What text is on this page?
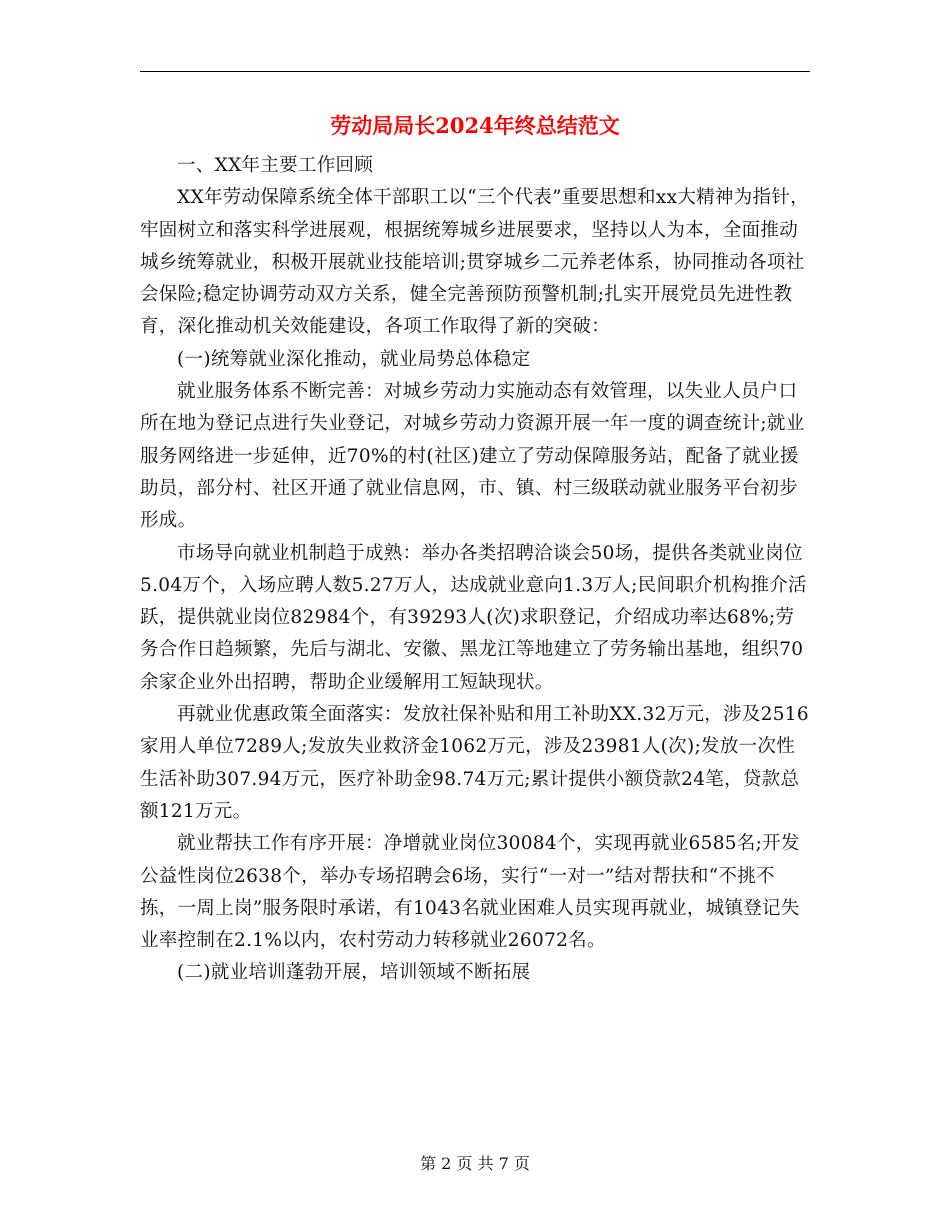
劳动局局长2024年终总结范文

一、XX年主要工作回顾

XX年劳动保障系统全体干部职工以“三个代表”重要思想和xx大精神为指针，牢固树立和落实科学进展观，根据统筹城乡进展要求，坚持以人为本，全面推动城乡统筹就业，积极开展就业技能培训;贯穿城乡二元养老体系，协同推动各项社会保险;稳定协调劳动双方关系，健全完善预防预警机制;扎实开展党员先进性教育，深化推动机关效能建设，各项工作取得了新的突破：

(一)统筹就业深化推动，就业局势总体稳定

就业服务体系不断完善：对城乡劳动力实施动态有效管理，以失业人员户口所在地为登记点进行失业登记，对城乡劳动力资源开展一年一度的调查统计;就业服务网络进一步延伸，近70%的村(社区)建立了劳动保障服务站，配备了就业援助员，部分村、社区开通了就业信息网，市、镇、村三级联动就业服务平台初步形成。

市场导向就业机制趋于成熟：举办各类招聘洽谈会50场，提供各类就业岗位5.04万个，入场应聘人数5.27万人，达成就业意向1.3万人;民间职介机构推介活跃，提供就业岗位82984个，有39293人(次)求职登记，介绍成功率达68%;劳务合作日趋频繁，先后与湖北、安徽、黑龙江等地建立了劳务输出基地，组织70余家企业外出招聘，帮助企业缓解用工短缺现状。

再就业优惠政策全面落实：发放社保补贴和用工补助XX.32万元，涉及2516家用人单位7289人;发放失业救济金1062万元，涉及23981人(次);发放一次性生活补助307.94万元，医疗补助金98.74万元;累计提供小额贷款24笔，贷款总额121万元。

就业帮扶工作有序开展：净增就业岗位30084个，实现再就业6585名;开发公益性岗位2638个，举办专场招聘会6场，实行“一对一”结对帮扶和“不挑不拣，一周上岗”服务限时承诺，有1043名就业困难人员实现再就业，城镇登记失业率控制在2.1%以内，农村劳动力转移就业26072名。

(二)就业培训蓬勃开展，培训领域不断拓展

第 2 页 共 7 页
